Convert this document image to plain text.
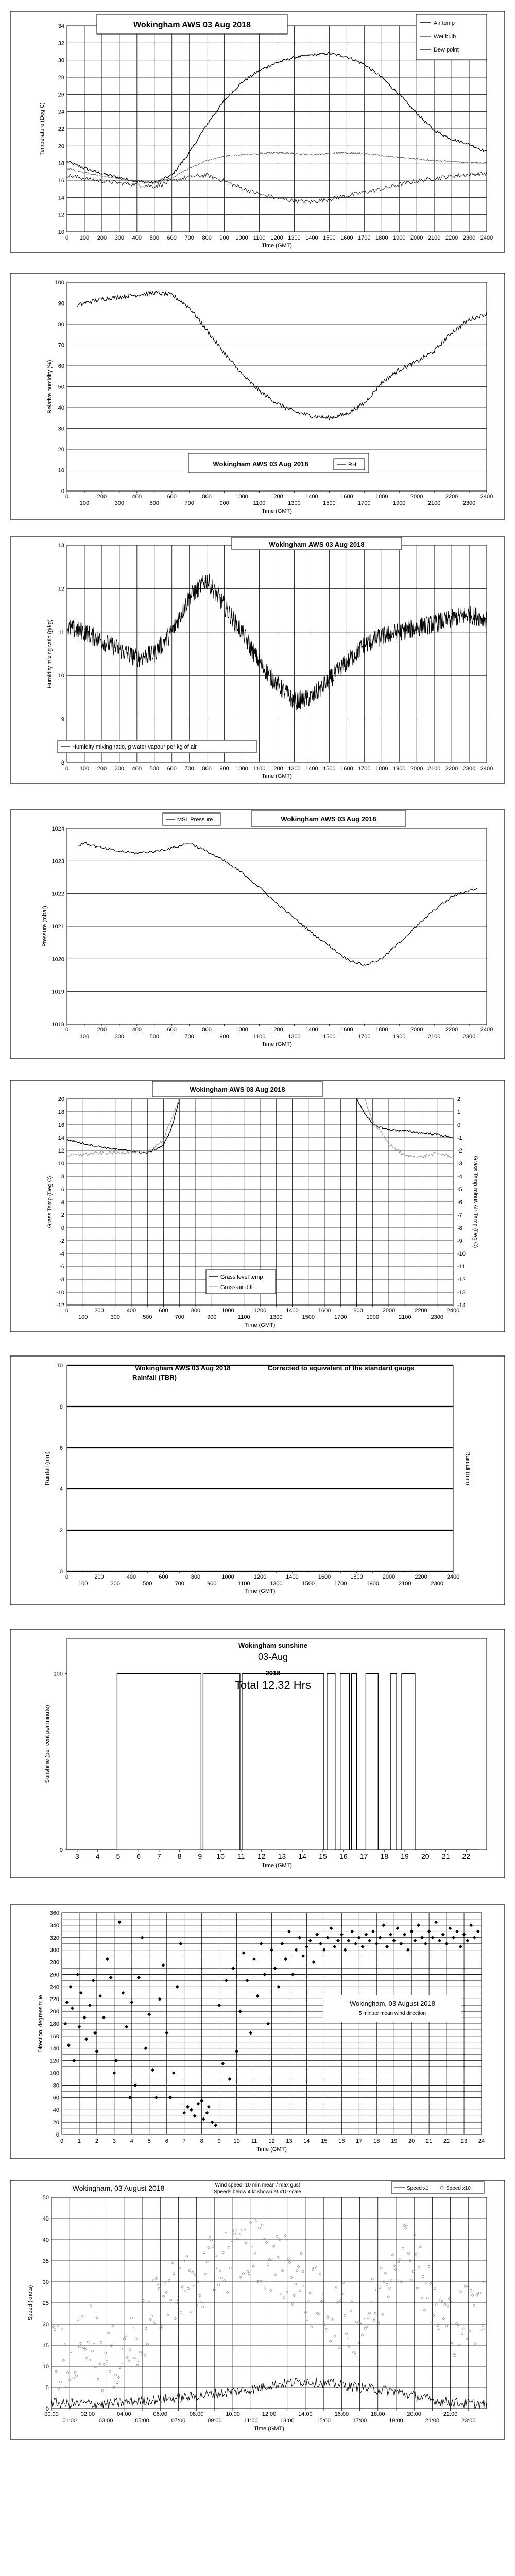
10
12
14
16
18
20
22
24
26
28
30
32
34
0 100 200 300 400 500 600 700 800 900 1000 1100 1200 1300 1400 1500 1600 1700 1800 1900 2000 2100 2200 2300 2400
Temperature (Deg C)
Time (GMT)
Wokingham AWS 03 Aug 2018	Air temp
Wet bulb
Dew point
0
10
20
30
40
50
60
70
80
90
100
0	200	400	600	800	1000	1200	1400	1600	1800	2000	2200	2400
100	300	500	700	900	1100	1300	1500	1700	1900	2100	2300
Relative humidity (%)
Time (GMT)
Wokingham AWS 03 Aug 2018	RH
8
9
10
11
12
13
0 100 200 300 400 500 600 700 800 900 1000 1100 1200 1300 1400 1500 1600 1700 1800 1900 2000 2100 2200 2300 2400
Humidity mixing ratio (g/kg)
Time (GMT)
Wokingham AWS 03 Aug 2018
Humidity mixing ratio, g water vapour per kg of air
1018
1019
1020
1021
1022
1023
1024
0	200	400	600	800	1000	1200	1400	1600	1800	2000	2200	2400
100	300	500	700	900	1100	1300	1500	1700	1900	2100	2300
Pressure (mbar)
Time (GMT)
MSL Pressure	Wokingham AWS 03 Aug 2018
-12
-10
-8
-6
-4
-2
0
2
4
6
8
10
12
14
16
18
20
-14
-13
-12
-11
-10
-9
-8
-7
-6
-5
-4
-3
-2
-1
0
1
2
0	200	400	600	800	1000	1200	1400	1600	1800	2000	2200	2400
100	300	500	700	900	1100	1300	1500	1700	1900	2100	2300
Grass Temp (Deg C)	Grass Temp minus Air Temp (Deg C)
Time (GMT)
Wokingham AWS 03 Aug 2018
Grass level temp
Grass-air diff
0
2
4
6
8
10
0	200	400	600	800	1000	1200	1400	1600	1800	2000	2200	2400
100	300	500	700	900	1100	1300	1500	1700	1900	2100	2300
Rainfall (mm)	Rainfall (mm)
Time (GMT)
Wokingham AWS 03 Aug 2018
Rainfall (TBR)
Corrected to equivalent of the standard gauge
0
100
3 4 5 6 7 8 9 10 11 12 13 14 15 16 17 18 19 20 21 22
Sunshine (per cent per minute)
Time (GMT)
Wokingham sunshine
03-Aug
2018
Total 12.32 Hrs
0
20
40
60
80
100
120
140
160
180
200
220
240
260
280
300
320
340
360
0	1	2	3	4	5	6	7	8	9 10 11 12 13 14 15 16 17 18 19 20 21 22 23 24
Direction, degrees true
Time (GMT)
Wokingham, 03 August 2018
5 minute mean wind direction
0
5
10
15
20
25
30
35
40
45
50
00:00	02:00	04:00	06:00	08:00	10:00	12:00	14:00	16:00	18:00	20:00	22:00
01:00	03:00	05:00	07:00	09:00	11:00	13:00	15:00	17:00	19:00	21:00	23:00
Speed (knots)
Time (GMT)
Wokingham, 03 August 2018	Wind speed, 10 min mean / max gust
Speeds below 4 kt shown at x10 scale
Speed x1	Speed x10
